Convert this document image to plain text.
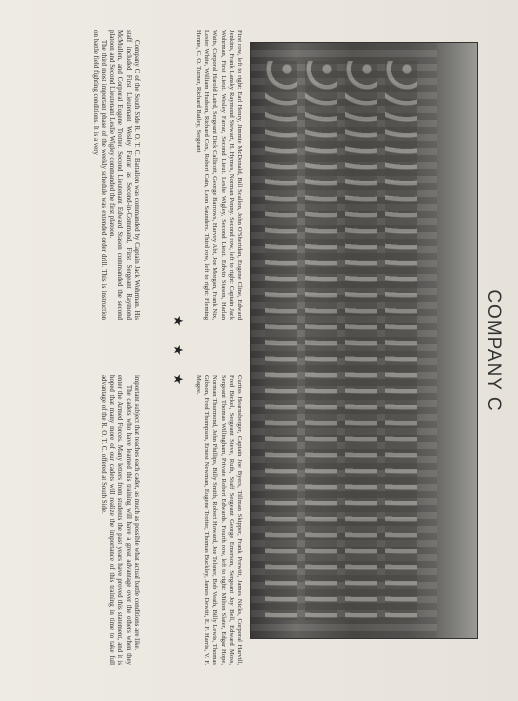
COMPANY C
First row, left to right: Earl Henry, Jimmie McDonald, Bill Scallon, John O'Shertdan, Eugene Cline, Edward Jenkins, Frank Lansky Raymond Stewart, H. Hymes, Norman Penny. Second row, left to right: Captain Jack Wohrman, First Lieut. Wesley Farrar, Second Lieut. Leslie Wigley, Second Lieut. Edwin Stason, Harlan Watts, Corporal Harold Laird, Sergeant Dick Callicott, George Barrows, Harvey Abt, Joe Morgan, Frank Nix, Lester White, William Hudson, Richard Cox, Robert Cain, Leon Saunders. Third row, left to right: Fleming Henne, C. O. Turner, Richard Bailey, Sergeant
Curtiss Hearnsberger, Captain Joe Byers, Tillman Skipper, Frank Prewitt, James Nicks, Corporal Harvill, Fred Bickel, Sergeant Steve, Ruth, Staff Sergeant George Emerson, Sergeant Joy Bell, Edward Moss, Sergeant Thomas Willingham, Private Robert Edwards. Fourth row, left to right: Milton Slater, Edgar Hope, Norman Thurmond, John Phillips, Billy Smith, Robert Howard, Joe Telsner, Bob Veath, Billy Lewis, Thomas Gibson, Fred Thompson, Ernest Newman, Eugene Trotter, Thomas Buckley, James Dewitt, E. F. Harris, V. F. Magee.
★
★
★

Company C of the South Side R. O. T. C. Battalion was commanded by Captain Jack Wohrman. His staff included First Lieutenant Wesley Farrar as Second-in-Command, First Sergeant Raymond McMullen, and Corporal Eugene Trotter. Second Lieutenant Edward Stason commanded the second platoon and Second Lieutenant Leslie Wigley commanded the first platoon.

The third most important phase of the weekly schedule was extended order drill. This is instruction on battle field fighting conditions. It is a very

important subject that teaches each cadet, as much as possible what actual battle conditions are like.

The cadets who have learned this training will have a great advantage over the others when they enter the Armed Forces. Many letters from students the past years have proved this statement, and it is hoped that many more of our cadets will realize the importance of this training in time to take full advantage of the R. O. T. C. offered at South Side.
